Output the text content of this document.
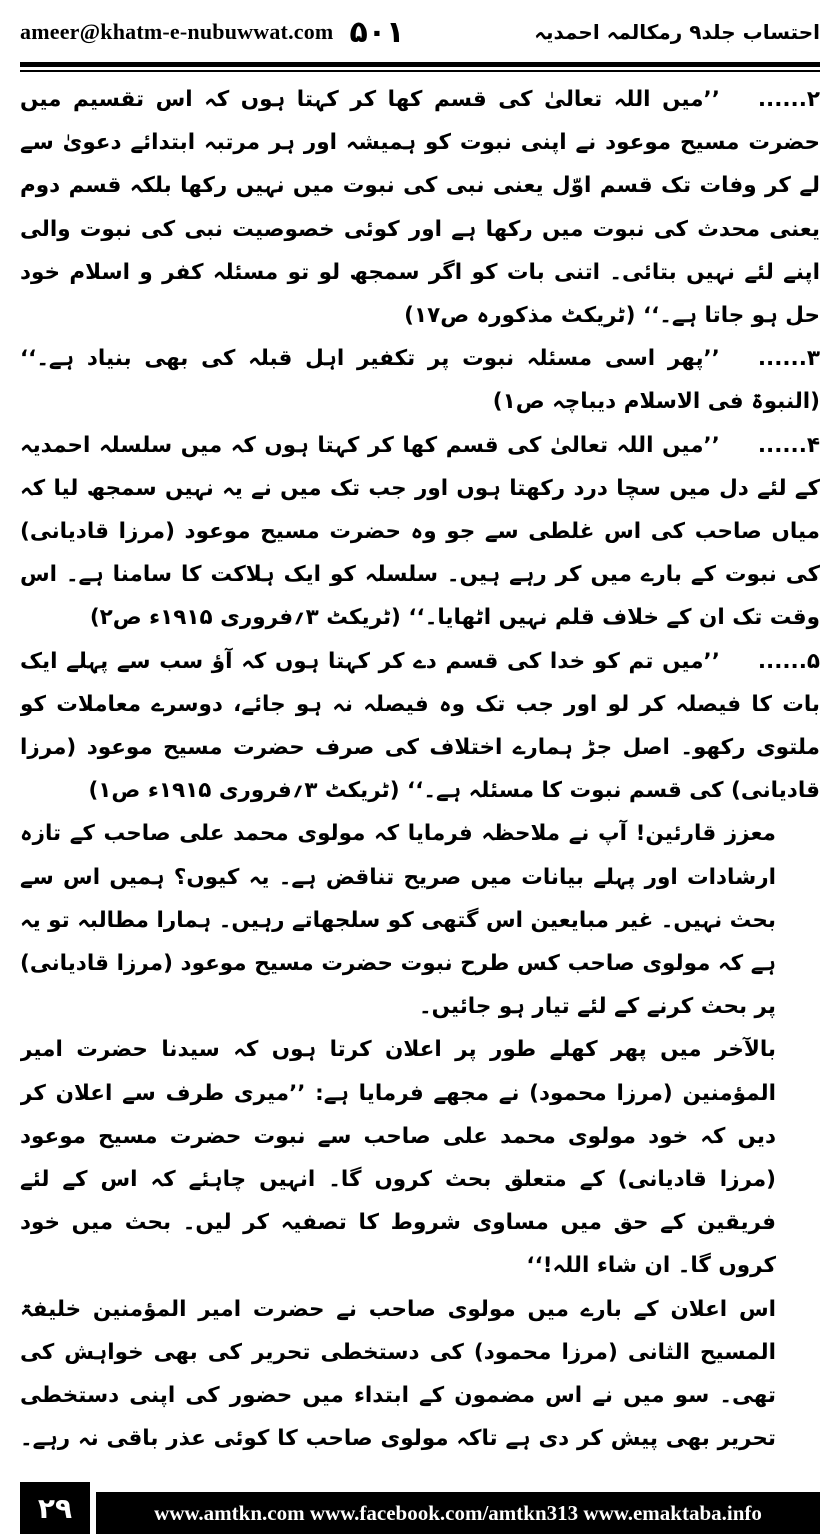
ameer@khatm-e-nubuwwat.com ۵۰۱	احتساب جلد۹ رمکالمہ احمدیہ

۲......’’میں اللہ تعالیٰ کی قسم کھا کر کہتا ہوں کہ اس تقسیم میں حضرت مسیح موعود نے اپنی نبوت کو ہمیشہ اور ہر مرتبہ ابتدائے دعویٰ سے لے کر وفات تک قسم اوّل یعنی نبی کی نبوت میں نہیں رکھا بلکہ قسم دوم یعنی محدث کی نبوت میں رکھا ہے اور کوئی خصوصیت نبی کی نبوت والی اپنے لئے نہیں بتائی۔ اتنی بات کو اگر سمجھ لو تو مسئلہ کفر و اسلام خود حل ہو جاتا ہے۔‘‘ (ٹریکٹ مذکورہ ص۱۷)

۳......’’پھر اسی مسئلہ نبوت پر تکفیر اہل قبلہ کی بھی بنیاد ہے۔‘‘ (النبوۃ فی الاسلام دیباچہ ص۱)

۴......’’میں اللہ تعالیٰ کی قسم کھا کر کہتا ہوں کہ میں سلسلہ احمدیہ کے لئے دل میں سچا درد رکھتا ہوں اور جب تک میں نے یہ نہیں سمجھ لیا کہ میاں صاحب کی اس غلطی سے جو وہ حضرت مسیح موعود (مرزا قادیانی) کی نبوت کے بارے میں کر رہے ہیں۔ سلسلہ کو ایک ہلاکت کا سامنا ہے۔ اس وقت تک ان کے خلاف قلم نہیں اٹھایا۔‘‘ (ٹریکٹ ۳؍فروری ۱۹۱۵ء ص۲)

۵......’’میں تم کو خدا کی قسم دے کر کہتا ہوں کہ آؤ سب سے پہلے ایک بات کا فیصلہ کر لو اور جب تک وہ فیصلہ نہ ہو جائے، دوسرے معاملات کو ملتوی رکھو۔ اصل جڑ ہمارے اختلاف کی صرف حضرت مسیح موعود (مرزا قادیانی) کی قسم نبوت کا مسئلہ ہے۔‘‘ (ٹریکٹ ۳؍فروری ۱۹۱۵ء ص۱)

معزز قارئین! آپ نے ملاحظہ فرمایا کہ مولوی محمد علی صاحب کے تازہ ارشادات اور پہلے بیانات میں صریح تناقض ہے۔ یہ کیوں؟ ہمیں اس سے بحث نہیں۔ غیر مبایعین اس گتھی کو سلجھاتے رہیں۔ ہمارا مطالبہ تو یہ ہے کہ مولوی صاحب کس طرح نبوت حضرت مسیح موعود (مرزا قادیانی) پر بحث کرنے کے لئے تیار ہو جائیں۔

بالآخر میں پھر کھلے طور پر اعلان کرتا ہوں کہ سیدنا حضرت امیر المؤمنین (مرزا محمود) نے مجھے فرمایا ہے: ’’میری طرف سے اعلان کر دیں کہ خود مولوی محمد علی صاحب سے نبوت حضرت مسیح موعود (مرزا قادیانی) کے متعلق بحث کروں گا۔ انہیں چاہئے کہ اس کے لئے فریقین کے حق میں مساوی شروط کا تصفیہ کر لیں۔ بحث میں خود کروں گا۔ ان شاء اللہ!‘‘

اس اعلان کے بارے میں مولوی صاحب نے حضرت امیر المؤمنین خلیفۃ المسیح الثانی (مرزا محمود) کی دستخطی تحریر کی بھی خواہش کی تھی۔ سو میں نے اس مضمون کے ابتداء میں حضور کی اپنی دستخطی تحریر بھی پیش کر دی ہے تاکہ مولوی صاحب کا کوئی عذر باقی نہ رہے۔

۲۹	www.amtkn.com www.facebook.com/amtkn313 www.emaktaba.info
